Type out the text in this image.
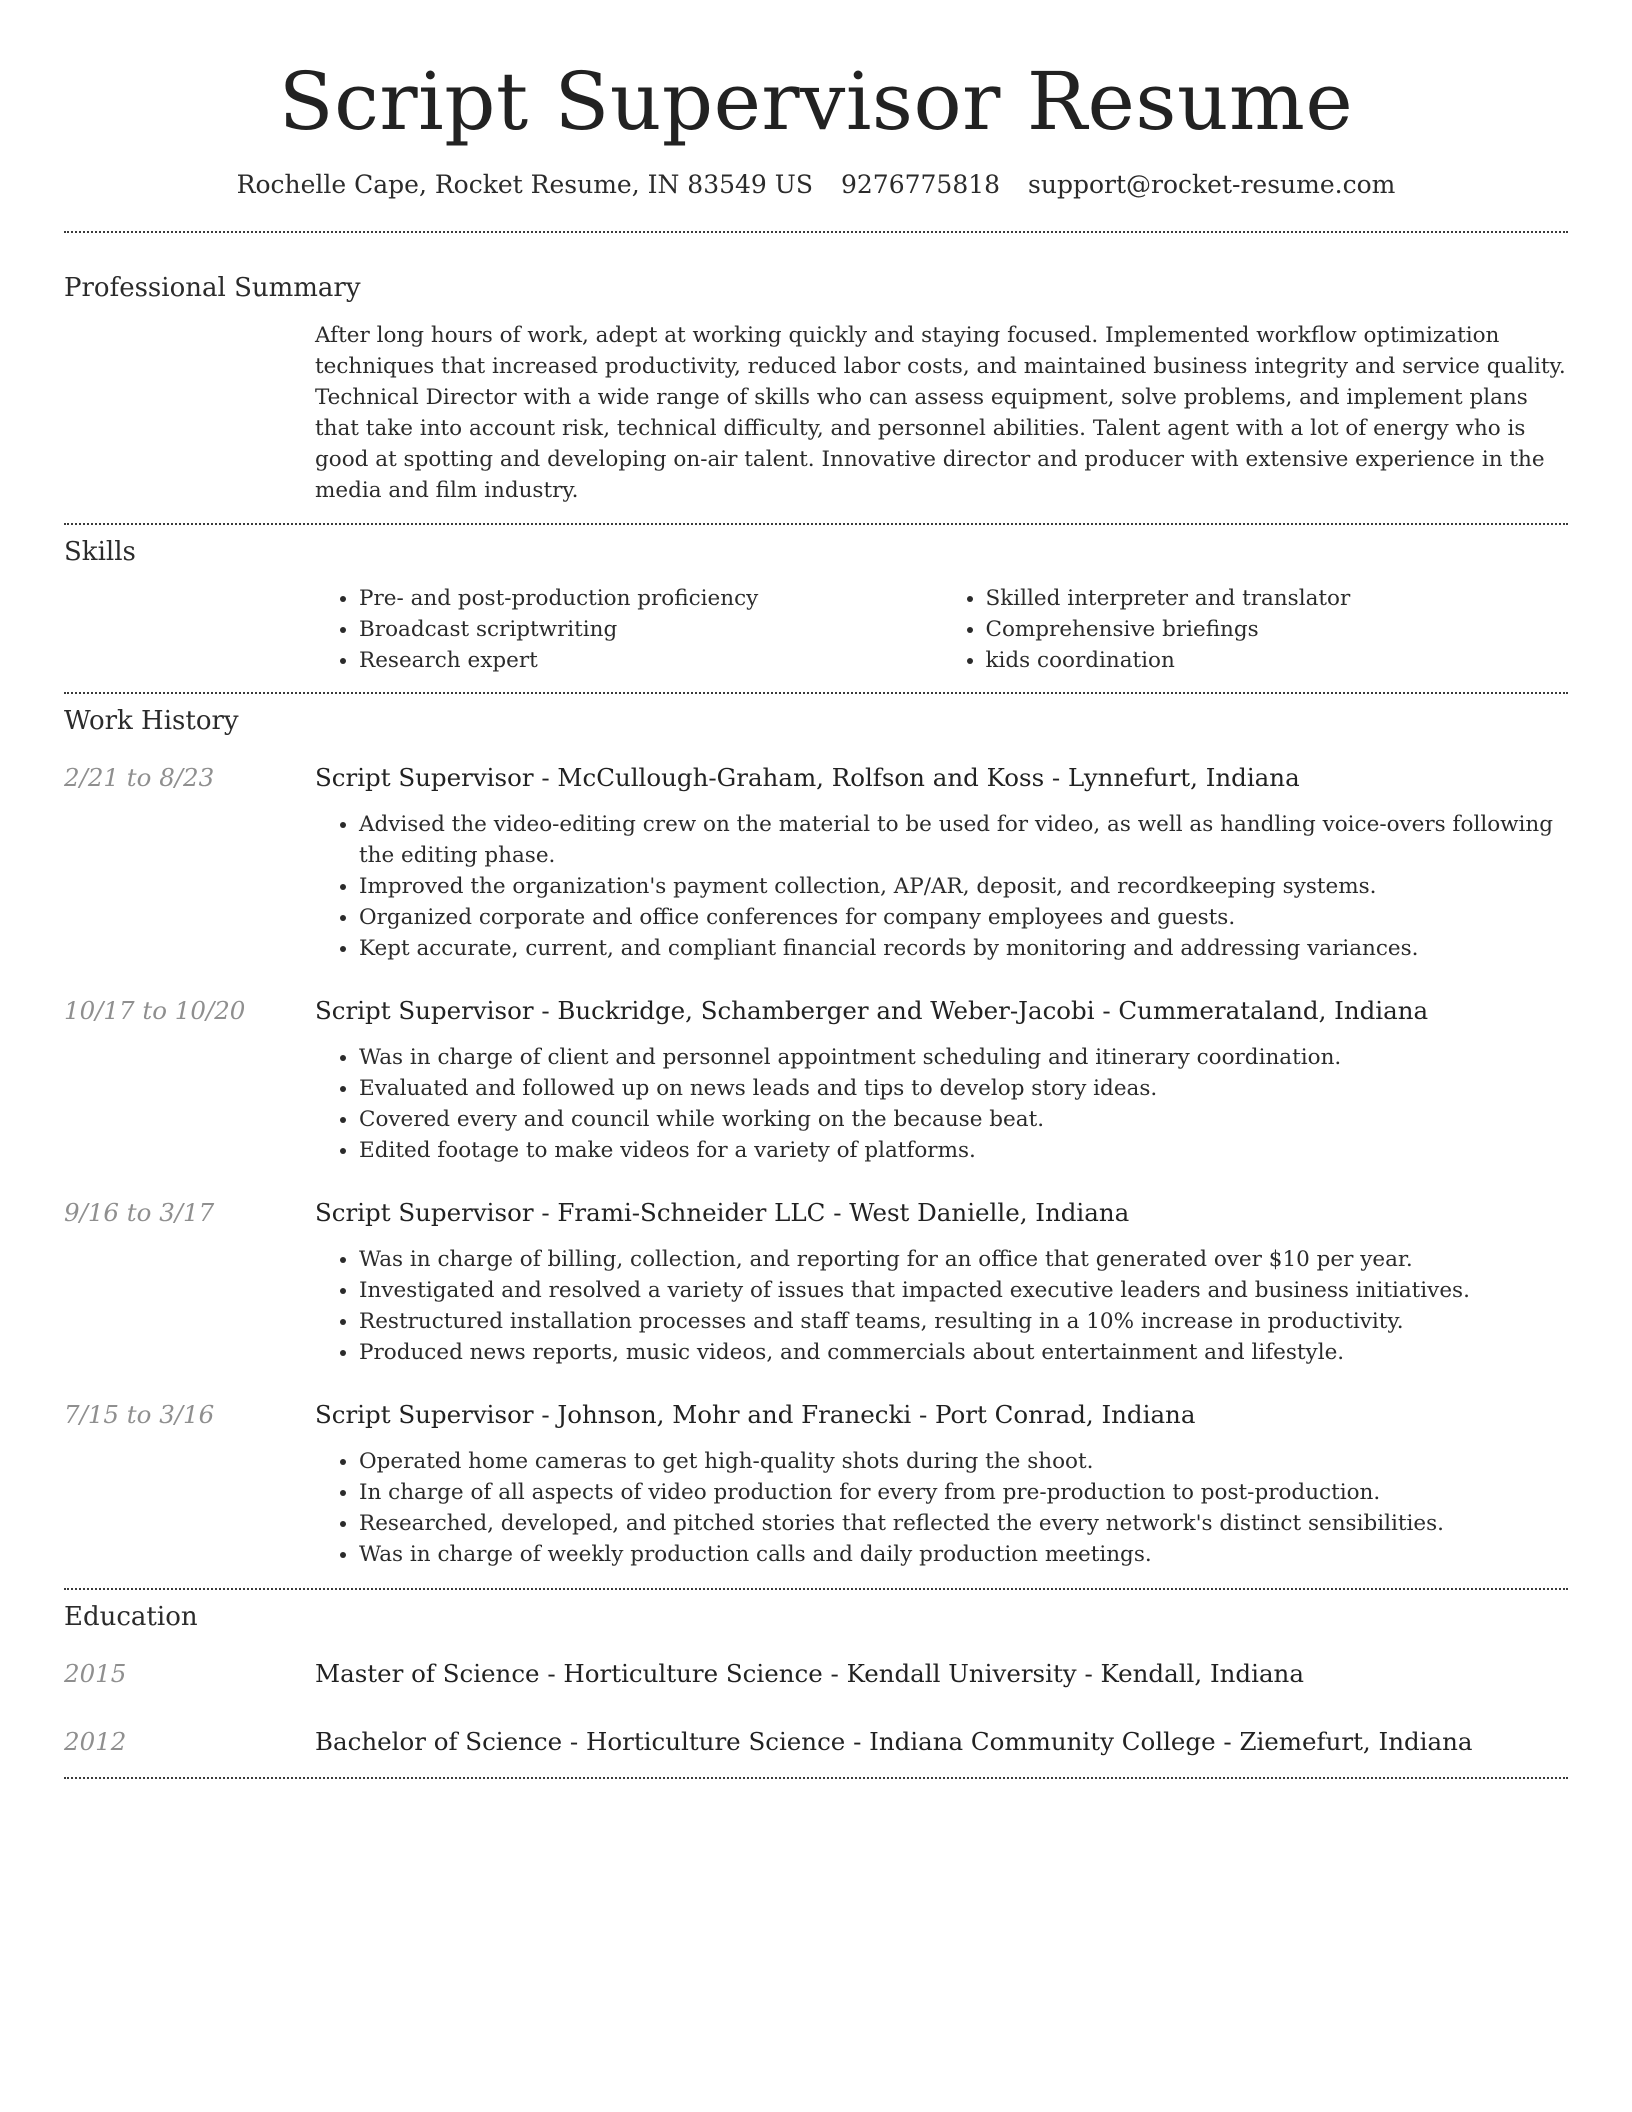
Script Supervisor Resume
Rochelle Cape, Rocket Resume, IN 83549 US 9276775818 support@rocket-resume.com
Professional Summary

After long hours of work, adept at working quickly and staying focused. Implemented workflow optimization techniques that increased productivity, reduced labor costs, and maintained business integrity and service quality. Technical Director with a wide range of skills who can assess equipment, solve problems, and implement plans that take into account risk, technical difficulty, and personnel abilities. Talent agent with a lot of energy who is good at spotting and developing on-air talent. Innovative director and producer with extensive experience in the media and film industry.

Skills
• Pre- and post-production proficiency
• Broadcast scriptwriting
• Research expert
• Skilled interpreter and translator
• Comprehensive briefings
• kids coordination
Work History
2/21 to 8/23	Script Supervisor - McCullough-Graham, Rolfson and Koss - Lynnefurt, Indiana
• Advised the video-editing crew on the material to be used for video, as well as handling voice-overs following the editing phase.
• Improved the organization's payment collection, AP/AR, deposit, and recordkeeping systems.
• Organized corporate and office conferences for company employees and guests.
• Kept accurate, current, and compliant financial records by monitoring and addressing variances.
10/17 to 10/20	Script Supervisor - Buckridge, Schamberger and Weber-Jacobi - Cummerataland, Indiana
• Was in charge of client and personnel appointment scheduling and itinerary coordination.
• Evaluated and followed up on news leads and tips to develop story ideas.
• Covered every and council while working on the because beat.
• Edited footage to make videos for a variety of platforms.
9/16 to 3/17	Script Supervisor - Frami-Schneider LLC - West Danielle, Indiana
• Was in charge of billing, collection, and reporting for an office that generated over $10 per year.
• Investigated and resolved a variety of issues that impacted executive leaders and business initiatives.
• Restructured installation processes and staff teams, resulting in a 10% increase in productivity.
• Produced news reports, music videos, and commercials about entertainment and lifestyle.
7/15 to 3/16	Script Supervisor - Johnson, Mohr and Franecki - Port Conrad, Indiana
• Operated home cameras to get high-quality shots during the shoot.
• In charge of all aspects of video production for every from pre-production to post-production.
• Researched, developed, and pitched stories that reflected the every network's distinct sensibilities.
• Was in charge of weekly production calls and daily production meetings.
Education
2015	Master of Science - Horticulture Science - Kendall University - Kendall, Indiana
2012	Bachelor of Science - Horticulture Science - Indiana Community College - Ziemefurt, Indiana
